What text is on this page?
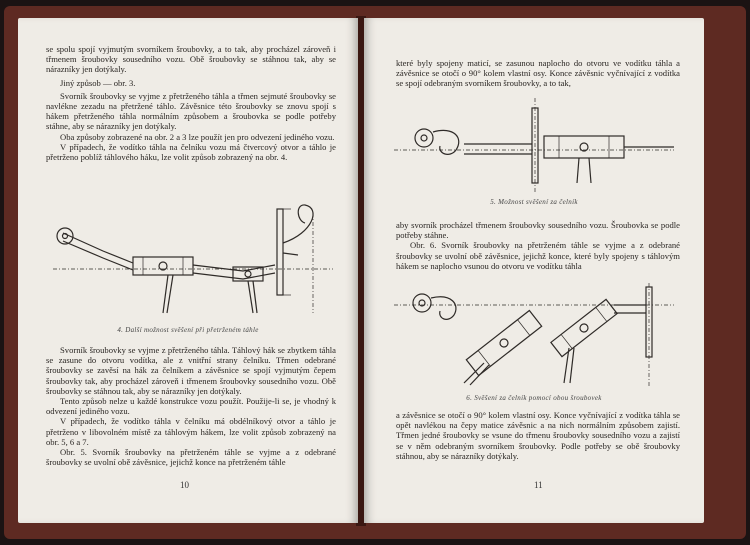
se spolu spojí vyjmutým svorníkem šroubovky, a to tak, aby procházel zároveň i třmenem šroubovky sousedního vozu. Obě šroubovky se stáhnou tak, aby se nárazníky jen dotýkaly.

Jiný způsob — obr. 3.

Svorník šroubovky se vyjme z přetrženého táhla a třmen sejmuté šroubovky se navlékne zezadu na přetržené táhlo. Závěsnice této šroubovky se znovu spojí s hákem přetrženého táhla normálním způsobem a šroubovka se podle potřeby stáhne, aby se nárazníky jen dotýkaly.

Oba způsoby zobrazené na obr. 2 a 3 lze použít jen pro odvezení jediného vozu.

V případech, že vodítko táhla na čelníku vozu má čtvercový otvor a táhlo je přetrženo poblíž táhlového háku, lze volit způsob zobrazený na obr. 4.

4. Další možnost svěšení při přetrženém táhle

Svorník šroubovky se vyjme z přetrženého táhla. Táhlový hák se zbytkem táhla se zasune do otvoru vodítka, ale z vnitřní strany čelníku. Třmen odebrané šroubovky se zavěsí na hák za čelníkem a závěsnice se spojí vyjmutým čepem šroubovky tak, aby procházel zároveň i třmenem šroubovky sousedního vozu. Obě šroubovky se stáhnou tak, aby se nárazníky jen dotýkaly.

Tento způsob nelze u každé konstrukce vozu použít. Použije-li se, je vhodný k odvezení jediného vozu.

V případech, že vodítko táhla v čelníku má obdélníkový otvor a táhlo je přetrženo v libovolném místě za táhlovým hákem, lze volit způsob zobrazený na obr. 5, 6 a 7.

Obr. 5. Svorník šroubovky na přetrženém táhle se vyjme a z odebrané šroubovky se uvolní obě závěsnice, jejichž konce na přetrženém táhle

10

které byly spojeny maticí, se zasunou naplocho do otvoru ve vodítku táhla a závěsnice se otočí o 90° kolem vlastní osy. Konce závěsnic vyčnívající z vodítka se spojí odebraným svorníkem šroubovky, a to tak,

5. Možnost svěšení za čelník

aby svorník procházel třmenem šroubovky sousedního vozu. Šroubovka se podle potřeby stáhne.

Obr. 6. Svorník šroubovky na přetrženém táhle se vyjme a z odebrané šroubovky se uvolní obě závěsnice, jejichž konce, které byly spojeny s táhlovým hákem se naplocho vsunou do otvoru ve vodítku táhla

6. Svěšení za čelník pomocí obou šroubovek

a závěsnice se otočí o 90° kolem vlastní osy. Konce vyčnívající z vodítka táhla se opět navlékou na čepy matice závěsnic a na nich normálním způsobem zajistí. Třmen jedné šroubovky se vsune do třmenu šroubovky sousedního vozu a zajistí se v něm odebraným svorníkem šroubovky. Podle potřeby se obě šroubovky stáhnou, aby se nárazníky dotýkaly.

11
